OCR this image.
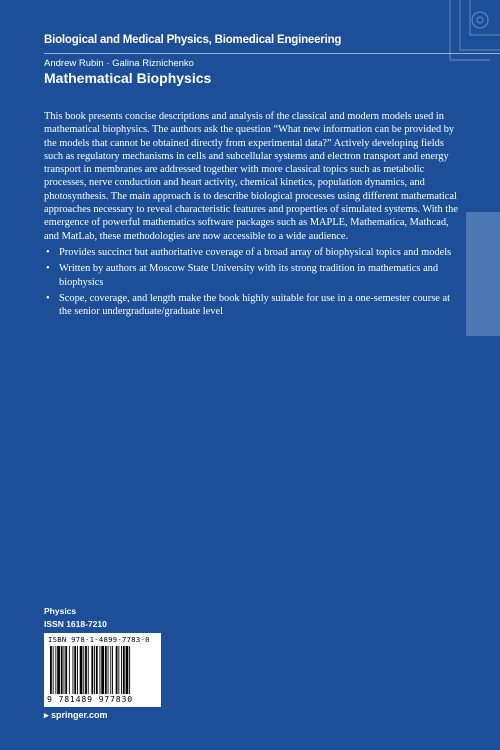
Biological and Medical Physics, Biomedical Engineering
Andrew Rubin · Galina Riznichenko
Mathematical Biophysics

This book presents concise descriptions and analysis of the classical and modern models used in mathematical biophysics. The authors ask the question “What new information can be provided by the models that cannot be obtained directly from experimental data?” Actively developing fields such as regulatory mechanisms in cells and subcellular systems and electron transport and energy transport in membranes are addressed together with more classical topics such as metabolic processes, nerve conduction and heart activity, chemical kinetics, population dynamics, and photosynthesis. The main approach is to describe biological processes using different mathematical approaches necessary to reveal characteristic features and properties of simulated systems. With the emergence of powerful mathematics software packages such as MAPLE, Mathematica, Mathcad, and MatLab, these methodologies are now accessible to a wide audience.

• Provides succinct but authoritative coverage of a broad array of biophysical topics and models
• Written by authors at Moscow State University with its strong tradition in mathematics and biophysics
• Scope, coverage, and length make the book highly suitable for use in a one-semester course at the senior undergraduate/graduate level
Physics
ISSN 1618-7210
ISBN 978-1-4899-7783-0
9 781489 977830
▸ springer.com
